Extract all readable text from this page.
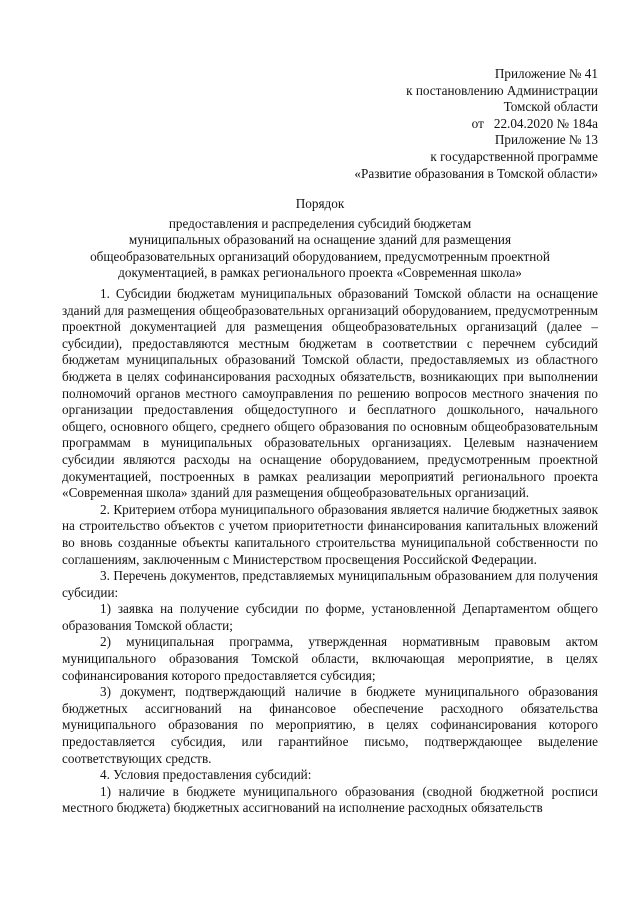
Приложение № 41
к постановлению Администрации
Томской области
от 22.04.2020 № 184а
Приложение № 13
к государственной программе
«Развитие образования в Томской области»
Порядок
предоставления и распределения субсидий бюджетам
муниципальных образований на оснащение зданий для размещения
общеобразовательных организаций оборудованием, предусмотренным проектной
документацией, в рамках регионального проекта «Современная школа»

1. Субсидии бюджетам муниципальных образований Томской области на оснащение зданий для размещения общеобразовательных организаций оборудованием, предусмотренным проектной документацией для размещения общеобразовательных организаций (далее – субсидии), предоставляются местным бюджетам в соответствии с перечнем субсидий бюджетам муниципальных образований Томской области, предоставляемых из областного бюджета в целях софинансирования расходных обязательств, возникающих при выполнении полномочий органов местного самоуправления по решению вопросов местного значения по организации предоставления общедоступного и бесплатного дошкольного, начального общего, основного общего, среднего общего образования по основным общеобразовательным программам в муниципальных образовательных организациях. Целевым назначением субсидии являются расходы на оснащение оборудованием, предусмотренным проектной документацией, построенных в рамках реализации мероприятий регионального проекта «Современная школа» зданий для размещения общеобразовательных организаций.

2. Критерием отбора муниципального образования является наличие бюджетных заявок на строительство объектов с учетом приоритетности финансирования капитальных вложений во вновь созданные объекты капитального строительства муниципальной собственности по соглашениям, заключенным с Министерством просвещения Российской Федерации.

3. Перечень документов, представляемых муниципальным образованием для получения субсидии:

1) заявка на получение субсидии по форме, установленной Департаментом общего образования Томской области;

2) муниципальная программа, утвержденная нормативным правовым актом муниципального образования Томской области, включающая мероприятие, в целях софинансирования которого предоставляется субсидия;

3) документ, подтверждающий наличие в бюджете муниципального образования бюджетных ассигнований на финансовое обеспечение расходного обязательства муниципального образования по мероприятию, в целях софинансирования которого предоставляется субсидия, или гарантийное письмо, подтверждающее выделение соответствующих средств.

4. Условия предоставления субсидий:

1) наличие в бюджете муниципального образования (сводной бюджетной росписи местного бюджета) бюджетных ассигнований на исполнение расходных обязательств
